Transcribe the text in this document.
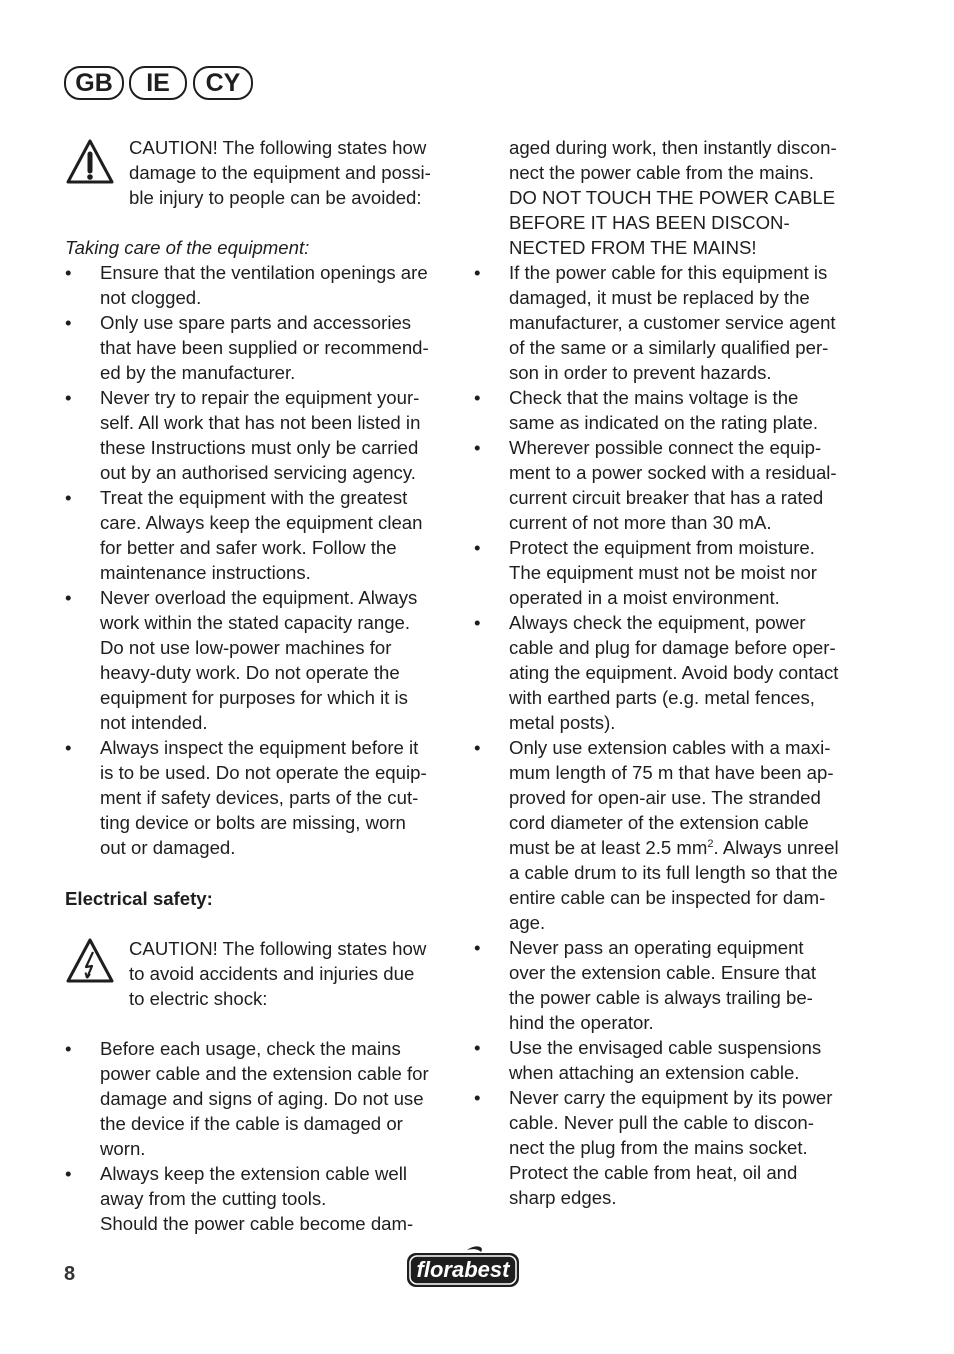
GB	IE	CY
CAUTION! The following states how
damage to the equipment and possi-
ble injury to people can be avoided:
Taking care of the equipment:
• Ensure that the ventilation openings are
not clogged.
• Only use spare parts and accessories
that have been supplied or recommend-
ed by the manufacturer.
• Never try to repair the equipment your-
self. All work that has not been listed in
these Instructions must only be carried
out by an authorised servicing agency.
• Treat the equipment with the greatest
care. Always keep the equipment clean
for better and safer work. Follow the
maintenance instructions.
• Never overload the equipment. Always
work within the stated capacity range.
Do not use low-power machines for
heavy-duty work. Do not operate the
equipment for purposes for which it is
not intended.
• Always inspect the equipment before it
is to be used. Do not operate the equip-
ment if safety devices, parts of the cut-
ting device or bolts are missing, worn
out or damaged.
Electrical safety:
CAUTION! The following states how
to avoid accidents and injuries due
to electric shock:
• Before each usage, check the mains
power cable and the extension cable for
damage and signs of aging. Do not use
the device if the cable is damaged or
worn.
• Always keep the extension cable well
away from the cutting tools.
Should the power cable become dam-
aged during work, then instantly discon-
nect the power cable from the mains.
DO NOT TOUCH THE POWER CABLE
BEFORE IT HAS BEEN DISCON-
NECTED FROM THE MAINS!
• If the power cable for this equipment is
damaged, it must be replaced by the
manufacturer, a customer service agent
of the same or a similarly qualified per-
son in order to prevent hazards.
• Check that the mains voltage is the
same as indicated on the rating plate.
• Wherever possible connect the equip-
ment to a power socked with a residual-
current circuit breaker that has a rated
current of not more than 30 mA.
• Protect the equipment from moisture.
The equipment must not be moist nor
operated in a moist environment.
• Always check the equipment, power
cable and plug for damage before oper-
ating the equipment. Avoid body contact
with earthed parts (e.g. metal fences,
metal posts).
• Only use extension cables with a maxi-
mum length of 75 m that have been ap-
proved for open-air use. The stranded
cord diameter of the extension cable
must be at least 2.5 $mm^2$. Always unreel
a cable drum to its full length so that the
entire cable can be inspected for dam-
age.
• Never pass an operating equipment
over the extension cable. Ensure that
the power cable is always trailing be-
hind the operator.
• Use the envisaged cable suspensions
when attaching an extension cable.
• Never carry the equipment by its power
cable. Never pull the cable to discon-
nect the plug from the mains socket.
Protect the cable from heat, oil and
sharp edges.
8	florabest
